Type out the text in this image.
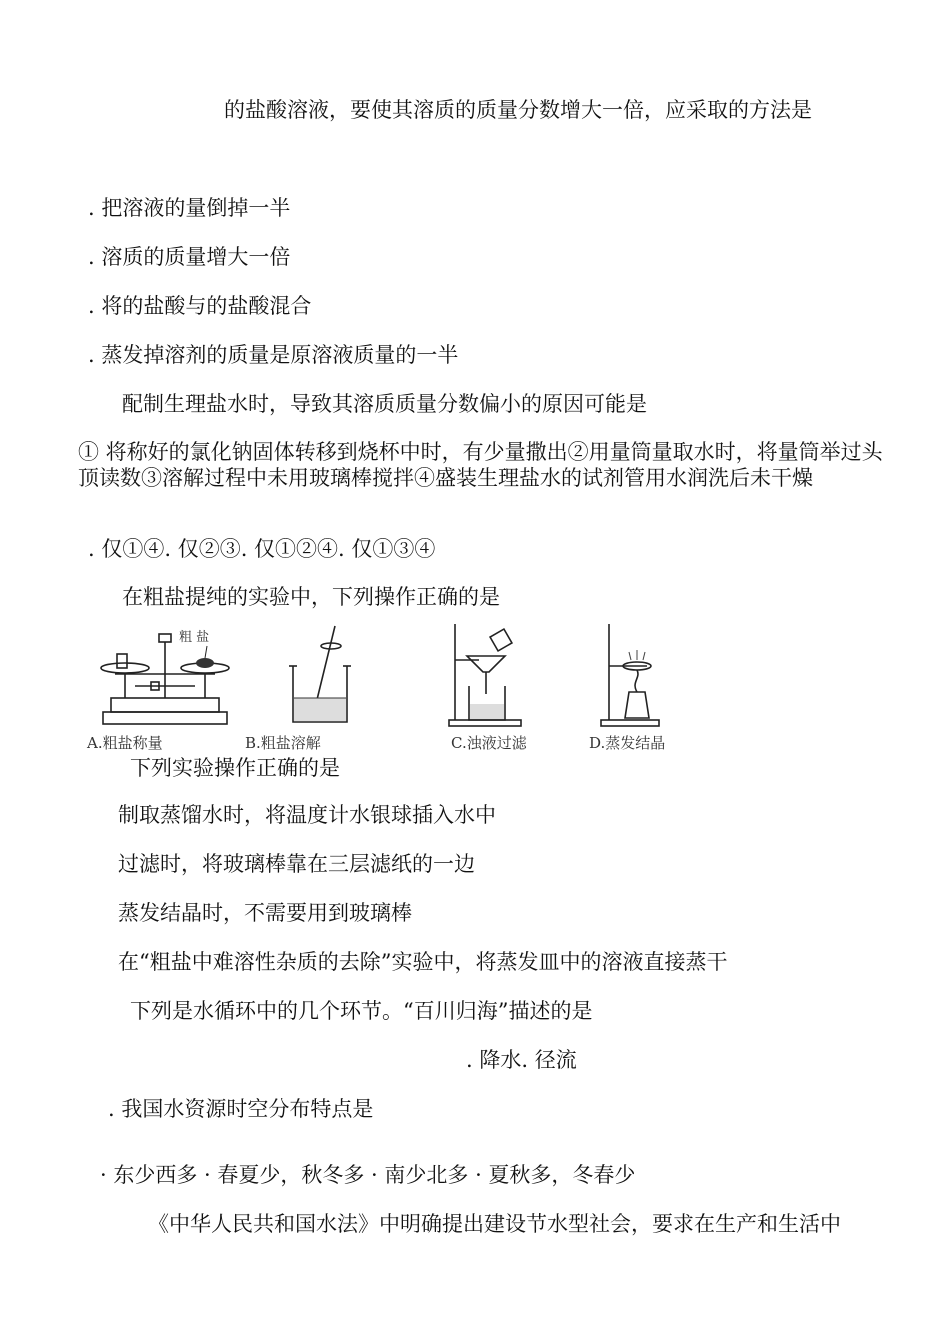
的盐酸溶液，要使其溶质的质量分数增大一倍，应采取的方法是
. 把溶液的量倒掉一半
. 溶质的质量增大一倍
. 将的盐酸与的盐酸混合
. 蒸发掉溶剂的质量是原溶液质量的一半
配制生理盐水时，导致其溶质质量分数偏小的原因可能是
① 将称好的氯化钠固体转移到烧杯中时，有少量撒出②用量筒量取水时，将量筒举过头顶读数③溶解过程中未用玻璃棒搅拌④盛装生理盐水的试剂管用水润洗后未干燥
. 仅①④. 仅②③. 仅①②④. 仅①③④
在粗盐提纯的实验中，下列操作正确的是
粗 盐
A.粗盐称量	B.粗盐溶解	C.浊液过滤	D.蒸发结晶
下列实验操作正确的是
制取蒸馏水时，将温度计水银球插入水中
过滤时，将玻璃棒靠在三层滤纸的一边
蒸发结晶时，不需要用到玻璃棒
在“粗盐中难溶性杂质的去除”实验中，将蒸发皿中的溶液直接蒸干
下列是水循环中的几个环节。“百川归海”描述的是
. 降水. 径流
. 我国水资源时空分布特点是
· 东少西多 · 春夏少，秋冬多 · 南少北多 · 夏秋多，冬春少
《中华人民共和国水法》中明确提出建设节水型社会，要求在生产和生活中
